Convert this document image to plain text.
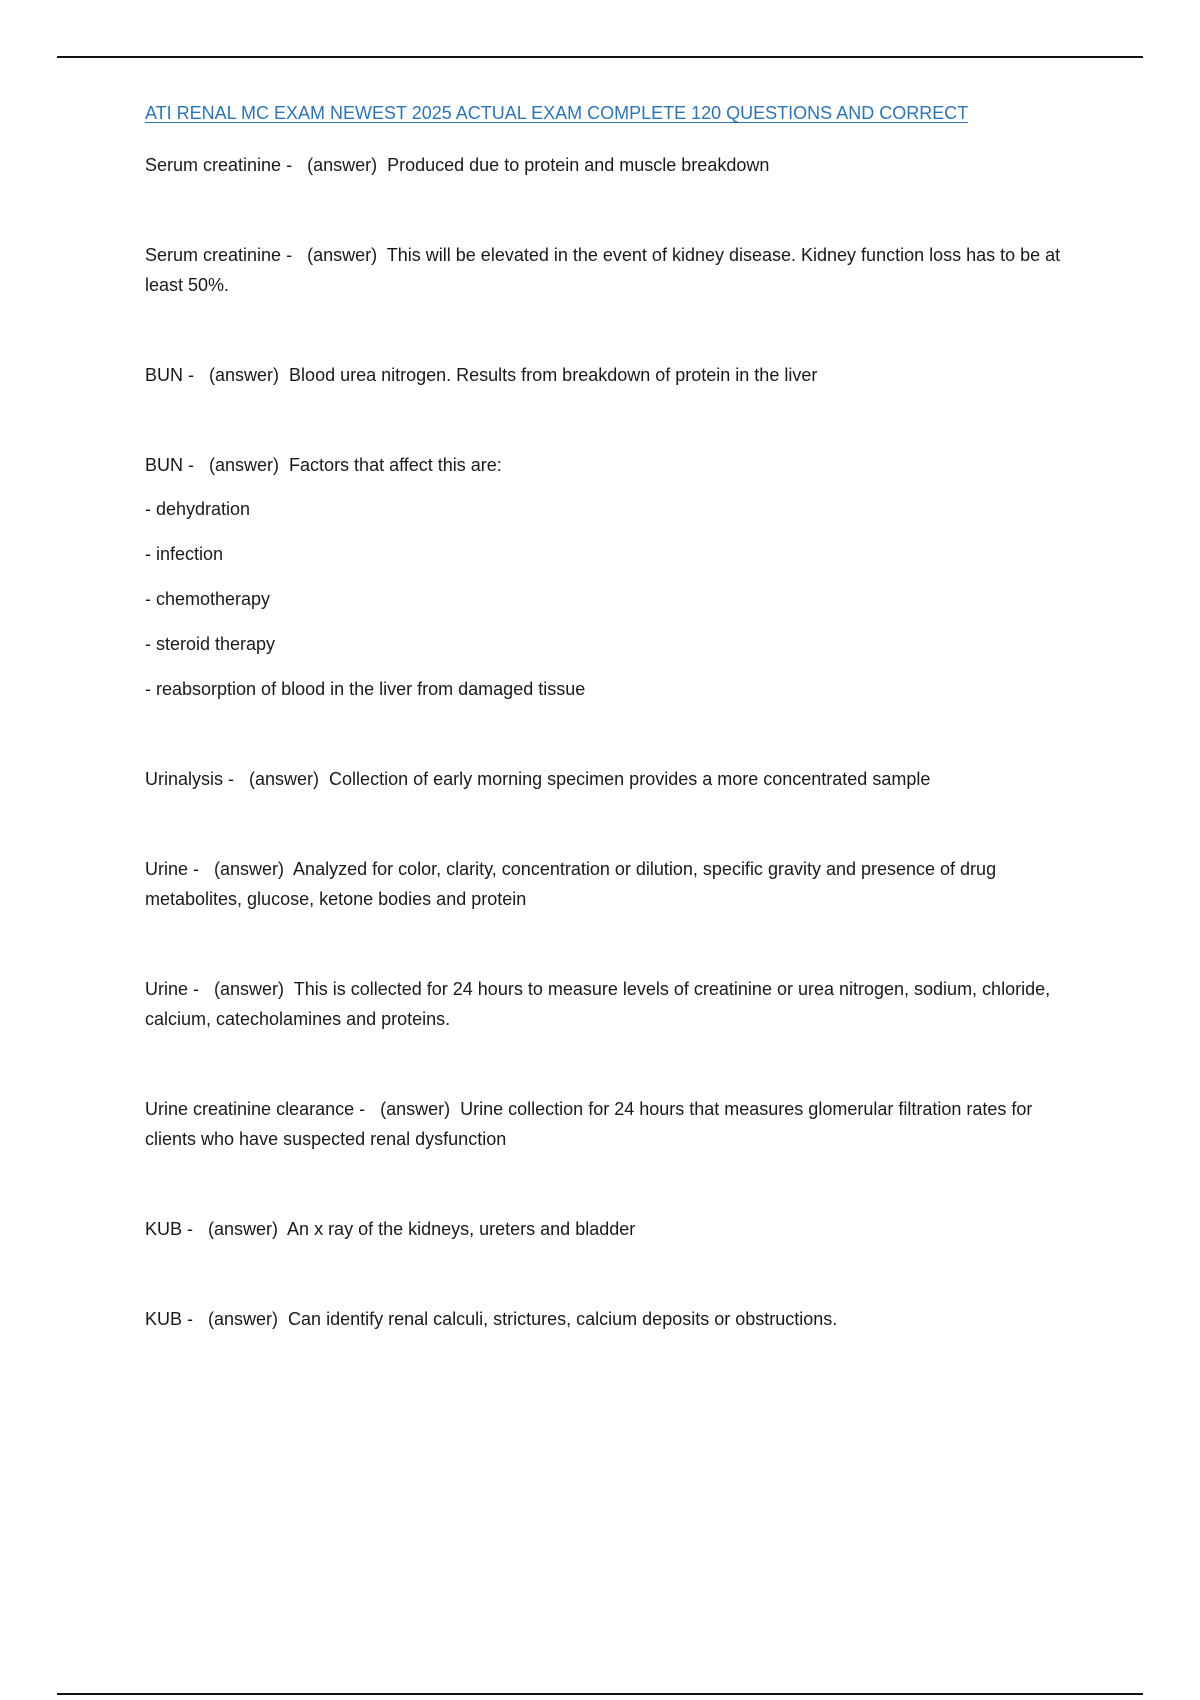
ATI RENAL MC EXAM NEWEST 2025 ACTUAL EXAM COMPLETE 120 QUESTIONS AND CORRECT
Serum creatinine -   (answer) Produced due to protein and muscle breakdown
Serum creatinine -   (answer) This will be elevated in the event of kidney disease. Kidney function loss has to be at least 50%.
BUN -   (answer) Blood urea nitrogen. Results from breakdown of protein in the liver
BUN -   (answer) Factors that affect this are:
- dehydration
- infection
- chemotherapy
- steroid therapy
- reabsorption of blood in the liver from damaged tissue
Urinalysis -   (answer) Collection of early morning specimen provides a more concentrated sample
Urine -   (answer) Analyzed for color, clarity, concentration or dilution, specific gravity and presence of drug metabolites, glucose, ketone bodies and protein
Urine -   (answer) This is collected for 24 hours to measure levels of creatinine or urea nitrogen, sodium, chloride, calcium, catecholamines and proteins.
Urine creatinine clearance -   (answer) Urine collection for 24 hours that measures glomerular filtration rates for clients who have suspected renal dysfunction
KUB -   (answer) An x ray of the kidneys, ureters and bladder
KUB -   (answer) Can identify renal calculi, strictures, calcium deposits or obstructions.
